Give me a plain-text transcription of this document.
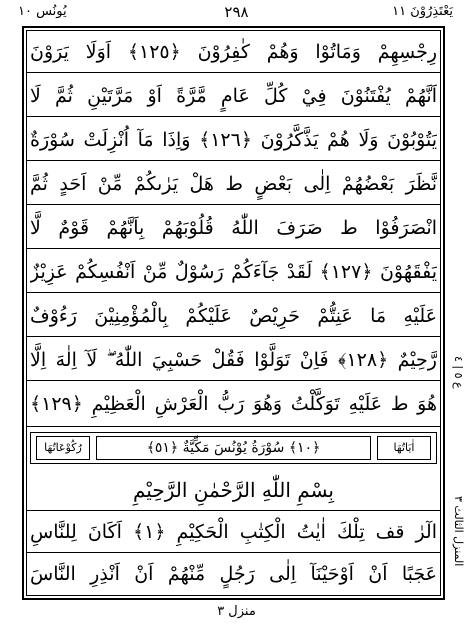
يُونُس ١٠	٢٩٨	يَعْتَذِرُوْنَ ١١
ع ٥ | ٤
المنزل الثالث ٣
رِجْسِهِمْ وَمَاتُوْا وَهُمْ كٰفِرُوْنَ ﴿١٢٥﴾ اَوَلَا يَرَوْنَ
اَنَّهُمْ يُفْتَنُوْنَ فِيْ كُلِّ عَامٍ مَّرَّةً اَوْ مَرَّتَيْنِ ثُمَّ لَا
يَتُوْبُوْنَ وَلَا هُمْ يَذَّكَّرُوْنَ ﴿١٢٦﴾ وَاِذَا مَآ اُنْزِلَتْ سُوْرَةٌ
نَّظَرَ بَعْضُهُمْ اِلٰى بَعْضٍ ط هَلْ يَرٰىكُمْ مِّنْ اَحَدٍ ثُمَّ
انْصَرَفُوْا ط صَرَفَ اللّٰهُ قُلُوْبَهُمْ بِاَنَّهُمْ قَوْمٌ لَّا
يَفْقَهُوْنَ ﴿١٢٧﴾ لَقَدْ جَآءَكُمْ رَسُوْلٌ مِّنْ اَنْفُسِكُمْ عَزِيْزٌ
عَلَيْهِ مَا عَنِتُّمْ حَرِيْصٌ عَلَيْكُمْ بِالْمُؤْمِنِيْنَ رَءُوْفٌ
رَّحِيْمٌ ﴿١٢٨﴾ فَاِنْ تَوَلَّوْا فَقُلْ حَسْبِيَ اللّٰهُ ۖ لَآ اِلٰهَ اِلَّا
هُوَ ط عَلَيْهِ تَوَكَّلْتُ وَهُوَ رَبُّ الْعَرْشِ الْعَظِيْمِ ﴿١٢٩﴾
اٰيَاتُهَا
﴿١٠﴾ سُوْرَةُ يُوْنُسَ مَكِّيَّةٌ ﴿٥١﴾
رُكُوْعَاتُهَا
بِسْمِ اللّٰهِ الرَّحْمٰنِ الرَّحِيْمِ
الٓرٰ قف تِلْكَ اٰيٰتُ الْكِتٰبِ الْحَكِيْمِ ﴿١﴾ اَكَانَ لِلنَّاسِ
عَجَبًا اَنْ اَوْحَيْنَآ اِلٰى رَجُلٍ مِّنْهُمْ اَنْ اَنْذِرِ النَّاسَ
منزل ٣
